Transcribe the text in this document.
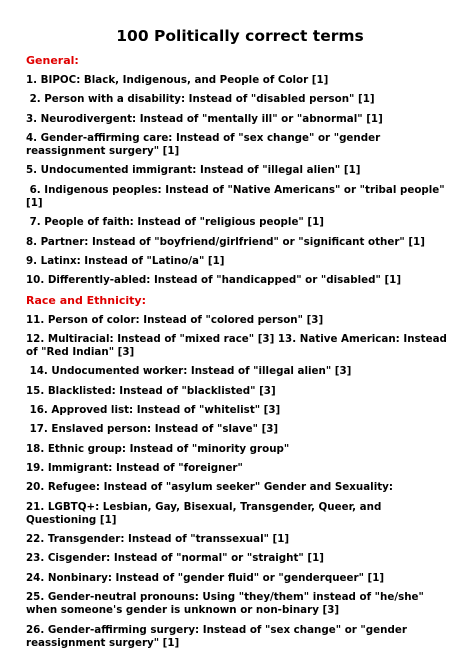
100 Politically correct terms
General:
1. BIPOC: Black, Indigenous, and People of Color [1]
2. Person with a disability: Instead of "disabled person" [1]
3. Neurodivergent: Instead of "mentally ill" or "abnormal" [1]
4. Gender-affirming care: Instead of "sex change" or "gender reassignment surgery" [1]
5. Undocumented immigrant: Instead of "illegal alien" [1]
6. Indigenous peoples: Instead of "Native Americans" or "tribal people" [1]
7. People of faith: Instead of "religious people" [1]
8. Partner: Instead of "boyfriend/girlfriend" or "significant other" [1]
9. Latinx: Instead of "Latino/a" [1]
10. Differently-abled: Instead of "handicapped" or "disabled" [1]
Race and Ethnicity:
11. Person of color: Instead of "colored person" [3]
12. Multiracial: Instead of "mixed race" [3] 13. Native American: Instead of "Red Indian" [3]
14. Undocumented worker: Instead of "illegal alien" [3]
15. Blacklisted: Instead of "blacklisted" [3]
16. Approved list: Instead of "whitelist" [3]
17. Enslaved person: Instead of "slave" [3]
18. Ethnic group: Instead of "minority group"
19. Immigrant: Instead of "foreigner"
20. Refugee: Instead of "asylum seeker" Gender and Sexuality:
21. LGBTQ+: Lesbian, Gay, Bisexual, Transgender, Queer, and Questioning [1]
22. Transgender: Instead of "transsexual" [1]
23. Cisgender: Instead of "normal" or "straight" [1]
24. Nonbinary: Instead of "gender fluid" or "genderqueer" [1]
25. Gender-neutral pronouns: Using "they/them" instead of "he/she" when someone's gender is unknown or non-binary [3]
26. Gender-affirming surgery: Instead of "sex change" or "gender reassignment surgery" [1]
